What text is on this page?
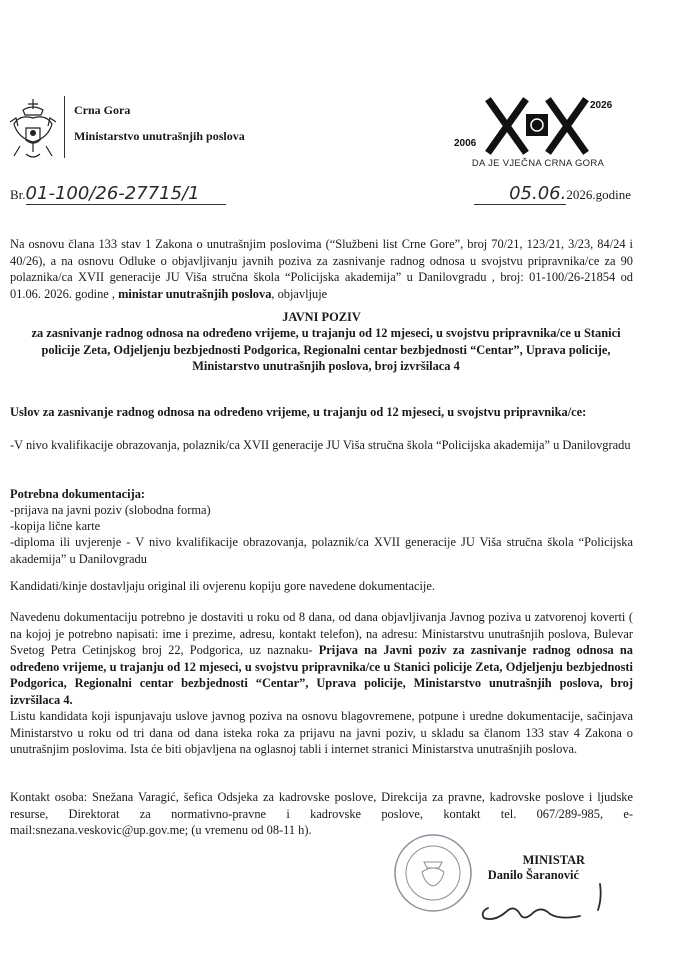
Crna Gora
Ministarstvo unutrašnjih poslova
2006
2026
DA JE VJEČNA CRNA GORA
Br.01-100/26-27715/1	05.06.2026.godine

Na osnovu člana 133 stav 1 Zakona o unutrašnjim poslovima (“Službeni list Crne Gore”, broj 70/21, 123/21, 3/23, 84/24 i 40/26), a na osnovu Odluke o objavljivanju javnih poziva za zasnivanje radnog odnosa u svojstvu pripravnika/ce za 90 polaznika/ca XVII generacije JU Viša stručna škola “Policijska akademija” u Danilovgradu , broj: 01-100/26-21854 od 01.06. 2026. godine , ministar unutrašnjih poslova, objavljuje

JAVNI POZIV

za zasnivanje radnog odnosa na određeno vrijeme, u trajanju od 12 mjeseci, u svojstvu pripravnika/ce u Stanici policije Zeta, Odjeljenju bezbjednosti Podgorica, Regionalni centar bezbjednosti “Centar”, Uprava policije, Ministarstvo unutrašnjih poslova, broj izvršilaca 4

Uslov za zasnivanje radnog odnosa na određeno vrijeme, u trajanju od 12 mjeseci, u svojstvu pripravnika/ce:

-V nivo kvalifikacije obrazovanja, polaznik/ca XVII generacije JU Viša stručna škola “Policijska akademija” u Danilovgradu

Potrebna dokumentacija:
-prijava na javni poziv (slobodna forma)
-kopija lične karte

-diploma ili uvjerenje - V nivo kvalifikacije obrazovanja, polaznik/ca XVII generacije JU Viša stručna škola “Policijska akademija” u Danilovgradu

Kandidati/kinje dostavljaju original ili ovjerenu kopiju gore navedene dokumentacije.

Navedenu dokumentaciju potrebno je dostaviti u roku od 8 dana, od dana objavljivanja Javnog poziva u zatvorenoj koverti ( na kojoj je potrebno napisati: ime i prezime, adresu, kontakt telefon), na adresu: Ministarstvu unutrašnjih poslova, Bulevar Svetog Petra Cetinjskog broj 22, Podgorica, uz naznaku- Prijava na Javni poziv za zasnivanje radnog odnosa na određeno vrijeme, u trajanju od 12 mjeseci, u svojstvu pripravnika/ce u Stanici policije Zeta, Odjeljenju bezbjednosti Podgorica, Regionalni centar bezbjednosti “Centar”, Uprava policije, Ministarstvo unutrašnjih poslova, broj izvršilaca 4.

Listu kandidata koji ispunjavaju uslove javnog poziva na osnovu blagovremene, potpune i uredne dokumentacije, sačinjava Ministarstvo u roku od tri dana od dana isteka roka za prijavu na javni poziv, u skladu sa članom 133 stav 4 Zakona o unutrašnjim poslovima. Ista će biti objavljena na oglasnoj tabli i internet stranici Ministarstva unutrašnjih poslova.

Kontakt osoba: Snežana Varagić, šefica Odsjeka za kadrovske poslove, Direkcija za pravne, kadrovske poslove i ljudske resurse, Direktorat za normativno-pravne i kadrovske poslove, kontakt tel. 067/289-985, e-mail:snezana.veskovic@up.gov.me; (u vremenu od 08-11 h).

MINISTAR
Danilo Šaranović
